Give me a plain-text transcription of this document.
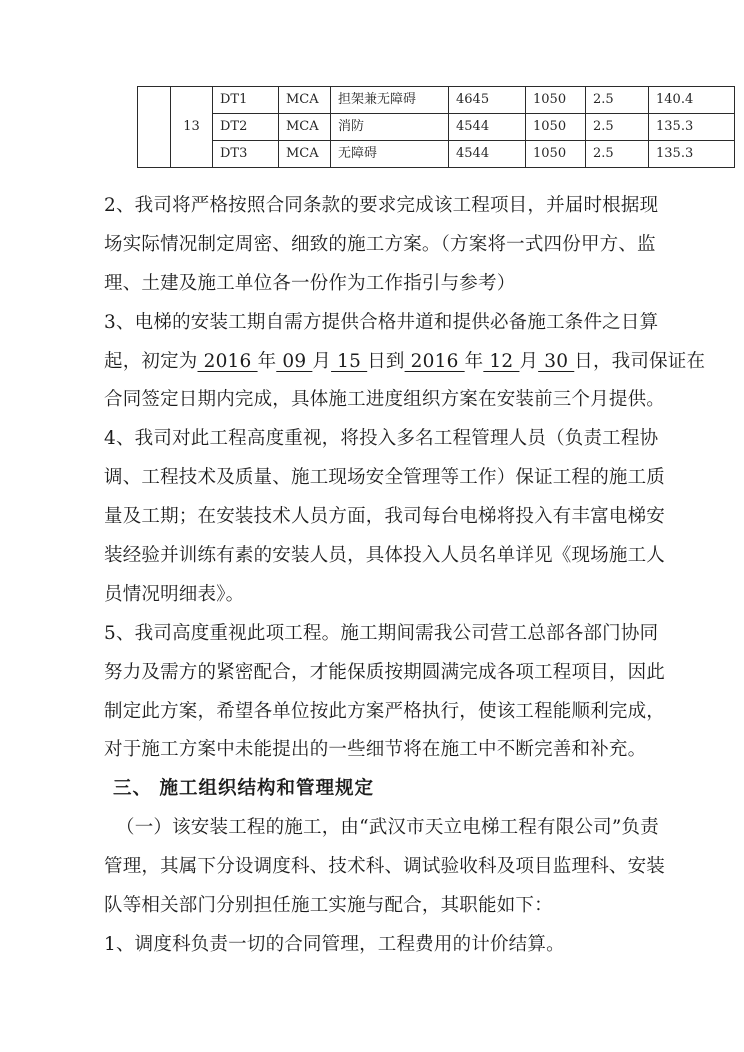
	13	DT1	MCA	担架兼无障碍	4645	1050	2.5	140.4
		DT2	MCA	消防	4544	1050	2.5	135.3
		DT3	MCA	无障碍	4544	1050	2.5	135.3
2、我司将严格按照合同条款的要求完成该工程项目，并届时根据现
场实际情况制定周密、细致的施工方案。（方案将一式四份甲方、监
理、土建及施工单位各一份作为工作指引与参考）
3、电梯的安装工期自需方提供合格井道和提供必备施工条件之日算
起，初定为 2016 年 09 月 15 日到 2016 年 12 月 30 日，我司保证在
合同签定日期内完成，具体施工进度组织方案在安装前三个月提供。
4、我司对此工程高度重视，将投入多名工程管理人员（负责工程协
调、工程技术及质量、施工现场安全管理等工作）保证工程的施工质
量及工期；在安装技术人员方面，我司每台电梯将投入有丰富电梯安
装经验并训练有素的安装人员，具体投入人员名单详见《现场施工人
员情况明细表》。
5、我司高度重视此项工程。施工期间需我公司营工总部各部门协同
努力及需方的紧密配合，才能保质按期圆满完成各项工程项目，因此
制定此方案，希望各单位按此方案严格执行，使该工程能顺利完成，
对于施工方案中未能提出的一些细节将在施工中不断完善和补充。
三、 施工组织结构和管理规定
（一）该安装工程的施工，由“武汉市天立电梯工程有限公司”负责
管理，其属下分设调度科、技术科、调试验收科及项目监理科、安装
队等相关部门分别担任施工实施与配合，其职能如下：
1、调度科负责一切的合同管理，工程费用的计价结算。
